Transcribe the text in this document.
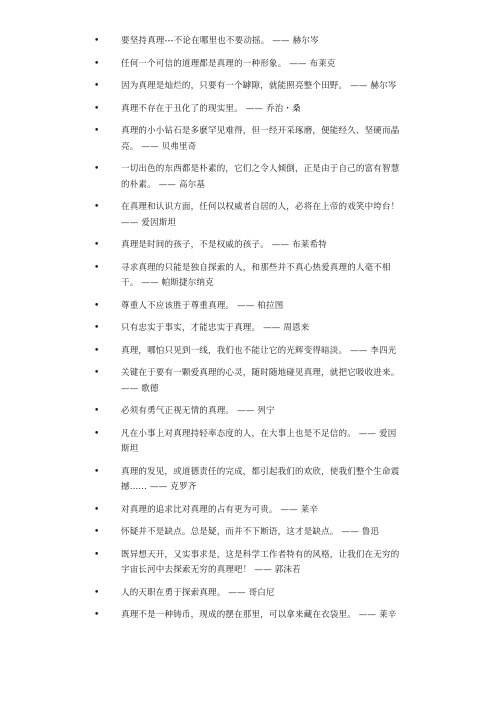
•	要坚持真理---不论在哪里也不要动摇。 —— 赫尔岑
•	任何一个可信的道理都是真理的一种形象。 —— 布莱克
•	因为真理是灿烂的，只要有一个罅隙，就能照亮整个田野。 —— 赫尔岑
•	真理不存在于丑化了的现实里。 —— 乔治・桑
•	真理的小小钻石是多麽罕见难得，但一经开采琢磨，便能经久、坚硬而晶亮。 —— 贝弗里奇
•	一切出色的东西都是朴素的，它们之令人倾倒，正是由于自己的富有智慧的朴素。 —— 高尔基
•	在真理和认识方面，任何以权威者自居的人，必将在上帝的戏笑中垮台！ —— 爱因斯坦
•	真理是时间的孩子，不是权威的孩子。 —— 布莱希特
•	寻求真理的只能是独自探索的人，和那些并不真心热爱真理的人毫不相干。 —— 帕斯捷尔纳克
•	尊重人不应该胜于尊重真理。 —— 柏拉图
•	只有忠实于事实，才能忠实于真理。 —— 周恩来
•	真理，哪怕只见到一线，我们也不能让它的光辉变得暗淡。 —— 李四光
•	关键在于要有一颗爱真理的心灵，随时随地碰见真理，就把它吸收进来。 —— 歌德
•	必须有勇气正视无情的真理。 —— 列宁
•	凡在小事上对真理持轻率态度的人，在大事上也是不足信的。 —— 爱因斯坦
•	真理的发见，或道德责任的完成，都引起我们的欢欣，使我们整个生命震撼…… —— 克罗齐
•	对真理的追求比对真理的占有更为可贵。 —— 莱辛
•	怀疑并不是缺点。总是疑，而并不下断语，这才是缺点。 —— 鲁迅
•	既异想天开，又实事求是，这是科学工作者特有的风格，让我们在无穷的宇宙长河中去探索无穷的真理吧！ —— 郭沫若
•	人的天职在勇于探索真理。 —— 哥白尼
•	真理不是一种铸币，现成的摆在那里，可以拿来藏在衣袋里。 —— 莱辛
